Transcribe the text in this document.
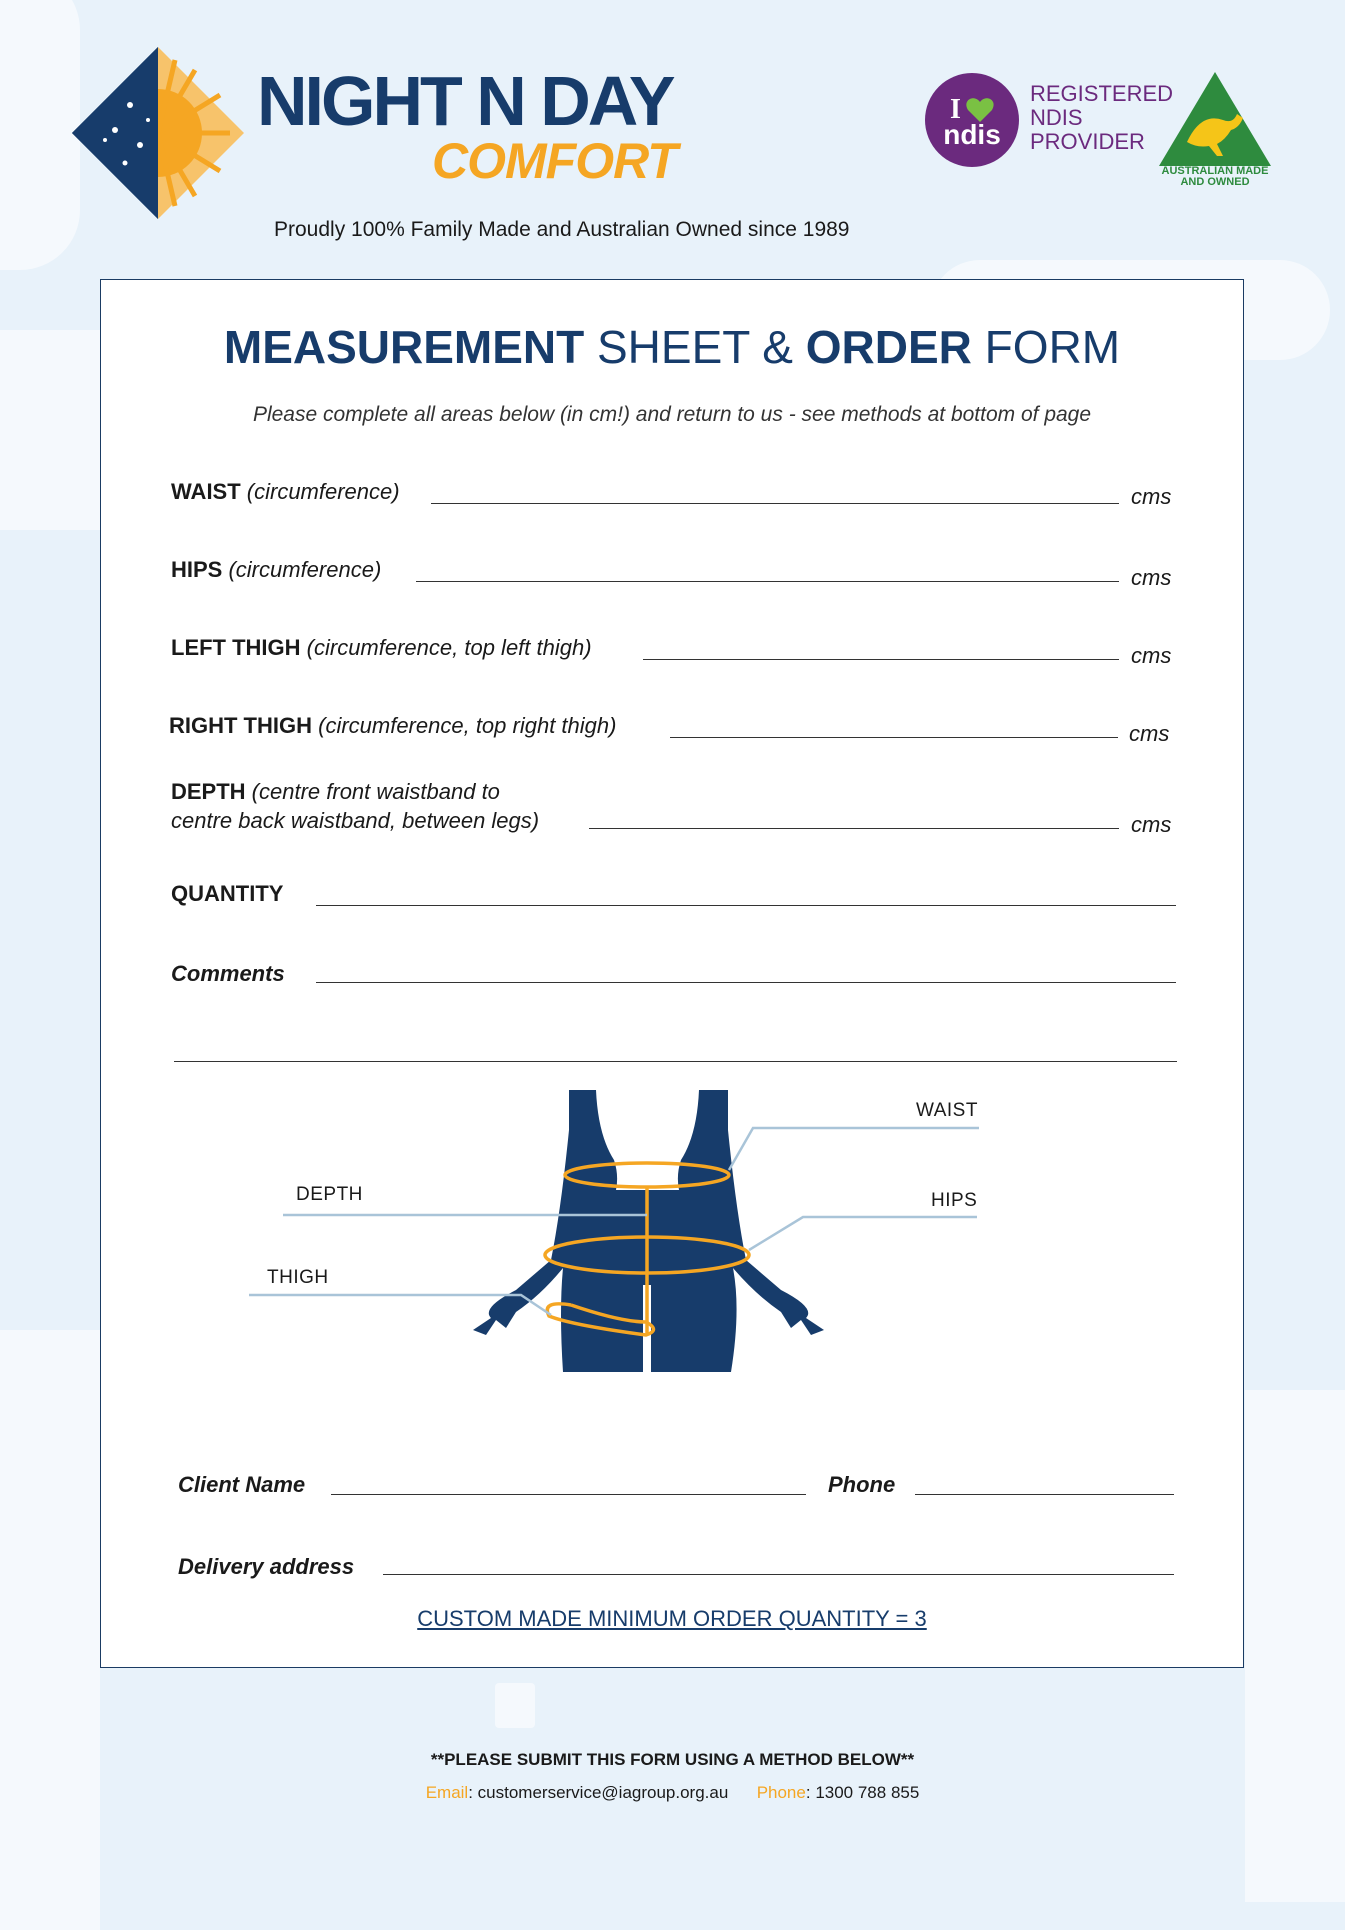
NIGHT N DAY
COMFORT
Proudly 100% Family Made and Australian Owned since 1989
I
ndis
REGISTERED
NDIS
PROVIDER
AUSTRALIAN MADE
AND OWNED
MEASUREMENT SHEET & ORDER FORM
Please complete all areas below (in cm!) and return to us - see methods at bottom of page
WAIST (circumference)	cms
HIPS (circumference)	cms
LEFT THIGH (circumference, top left thigh)	cms
RIGHT THIGH (circumference, top right thigh)	cms
DEPTH (centre front waistband to
centre back waistband, between legs)	cms
QUANTITY
Comments
WAIST
HIPS
DEPTH
THIGH
Client Name	Phone
Delivery address
CUSTOM MADE MINIMUM ORDER QUANTITY = 3
**PLEASE SUBMIT THIS FORM USING A METHOD BELOW**
Email: customerservice@iagroup.org.au Phone: 1300 788 855
